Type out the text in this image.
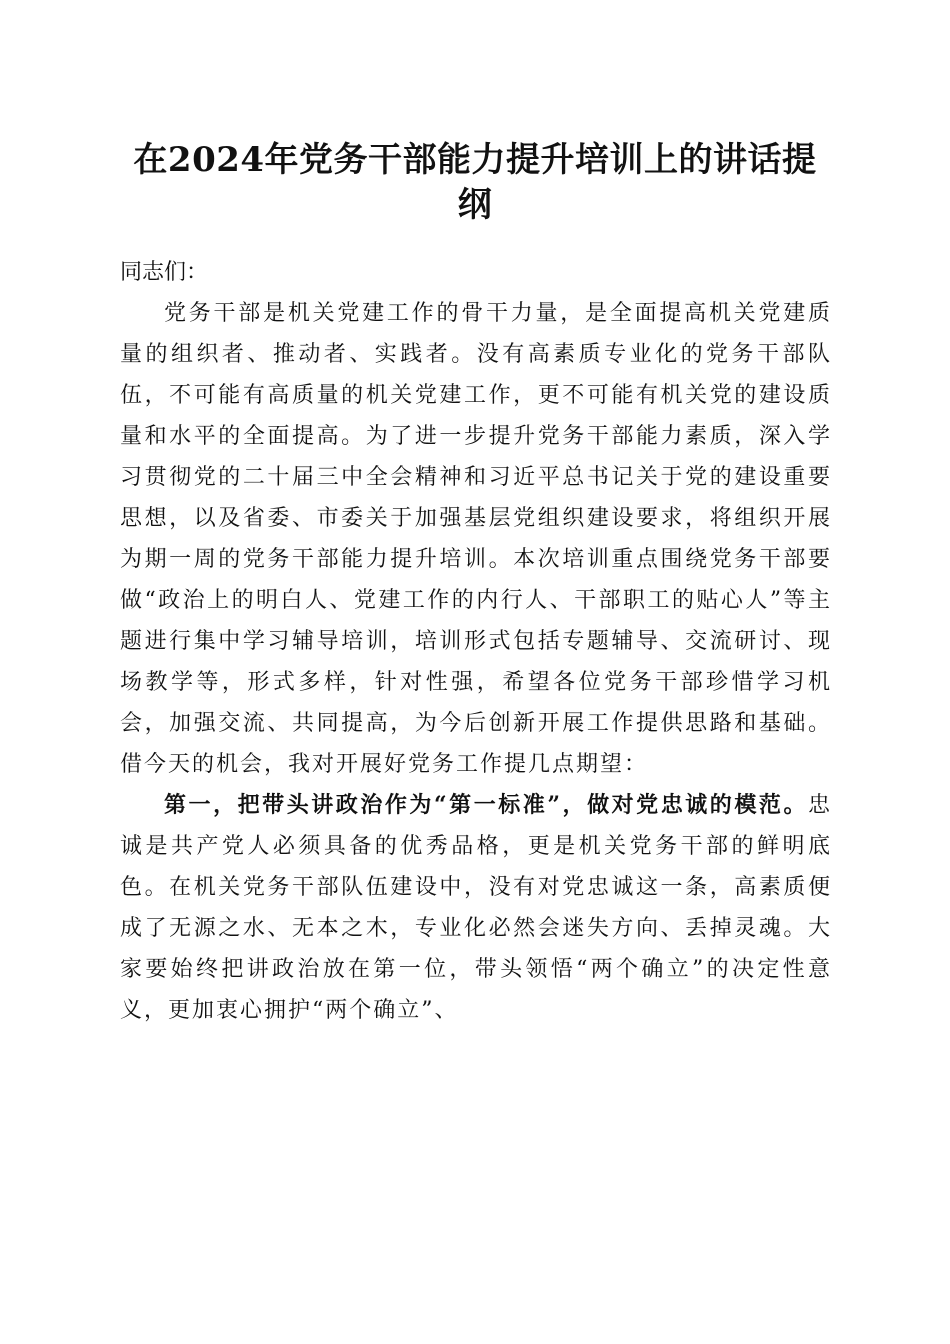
在2024年党务干部能力提升培训上的讲话提纲

同志们：

党务干部是机关党建工作的骨干力量，是全面提高机关党建质量的组织者、推动者、实践者。没有高素质专业化的党务干部队伍，不可能有高质量的机关党建工作，更不可能有机关党的建设质量和水平的全面提高。为了进一步提升党务干部能力素质，深入学习贯彻党的二十届三中全会精神和习近平总书记关于党的建设重要思想，以及省委、市委关于加强基层党组织建设要求，将组织开展为期一周的党务干部能力提升培训。本次培训重点围绕党务干部要做“政治上的明白人、党建工作的内行人、干部职工的贴心人”等主题进行集中学习辅导培训，培训形式包括专题辅导、交流研讨、现场教学等，形式多样，针对性强，希望各位党务干部珍惜学习机会，加强交流、共同提高，为今后创新开展工作提供思路和基础。借今天的机会，我对开展好党务工作提几点期望：

第一，把带头讲政治作为“第一标准”，做对党忠诚的模范。忠诚是共产党人必须具备的优秀品格，更是机关党务干部的鲜明底色。在机关党务干部队伍建设中，没有对党忠诚这一条，高素质便成了无源之水、无本之木，专业化必然会迷失方向、丢掉灵魂。大家要始终把讲政治放在第一位，带头领悟“两个确立”的决定性意义，更加衷心拥护“两个确立”、
